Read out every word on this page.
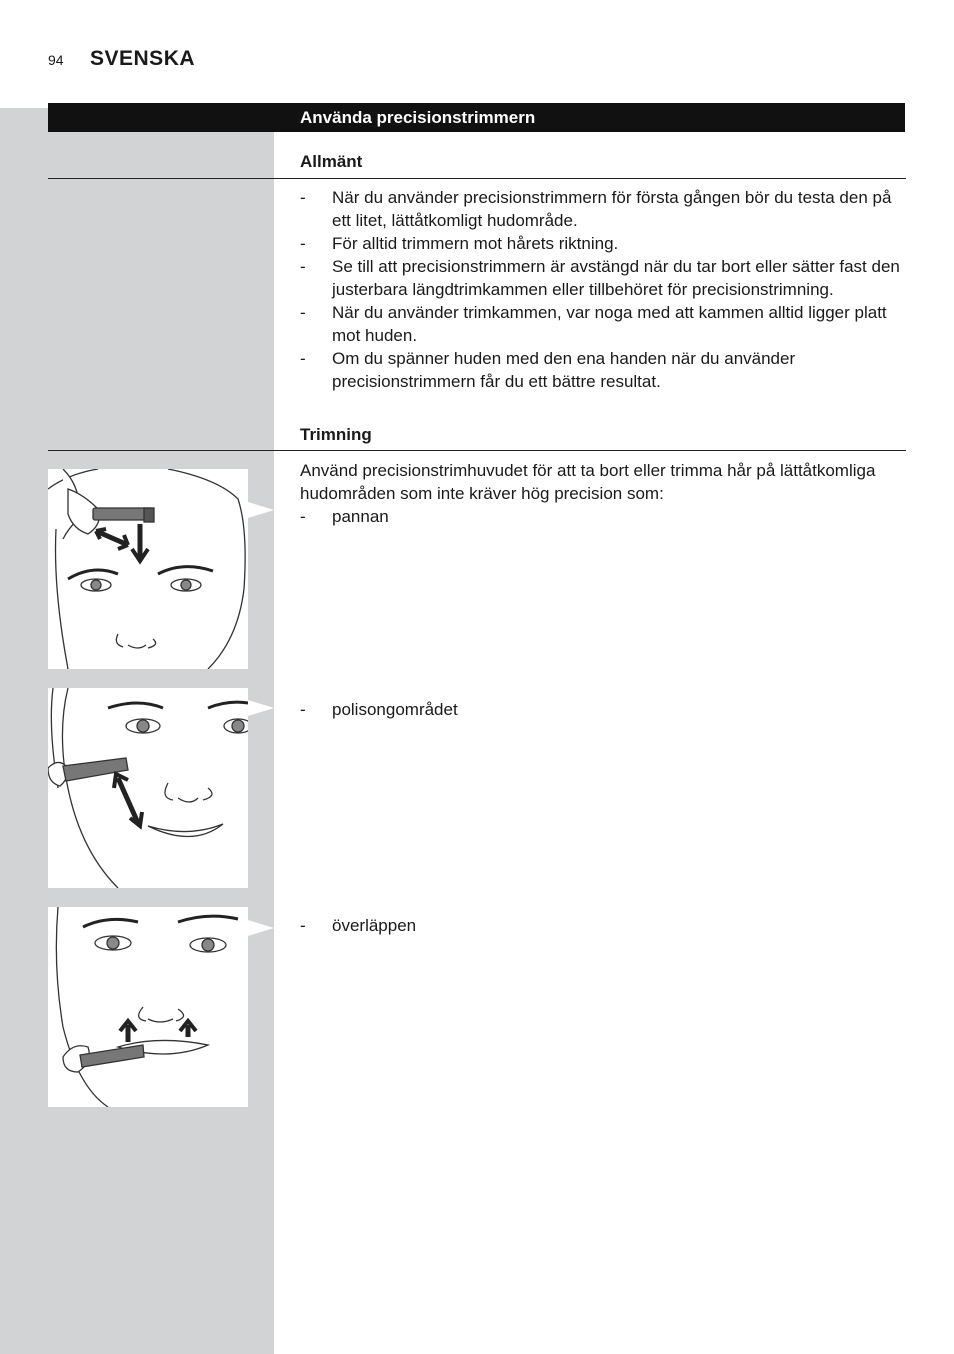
94 SVENSKA
Använda precisionstrimmern
Allmänt
- När du använder precisionstrimmern för första gången bör du testa den på ett litet, lättåtkomligt hudområde.
- För alltid trimmern mot hårets riktning.
- Se till att precisionstrimmern är avstängd när du tar bort eller sätter fast den justerbara längdtrimkammen eller tillbehöret för precisionstrimning.
- När du använder trimkammen, var noga med att kammen alltid ligger platt mot huden.
- Om du spänner huden med den ena handen när du använder precisionstrimmern får du ett bättre resultat.
Trimning

Använd precisionstrimhuvudet för att ta bort eller trimma hår på lättåtkomliga hudområden som inte kräver hög precision som:

- pannan
- polisongområdet
- överläppen
